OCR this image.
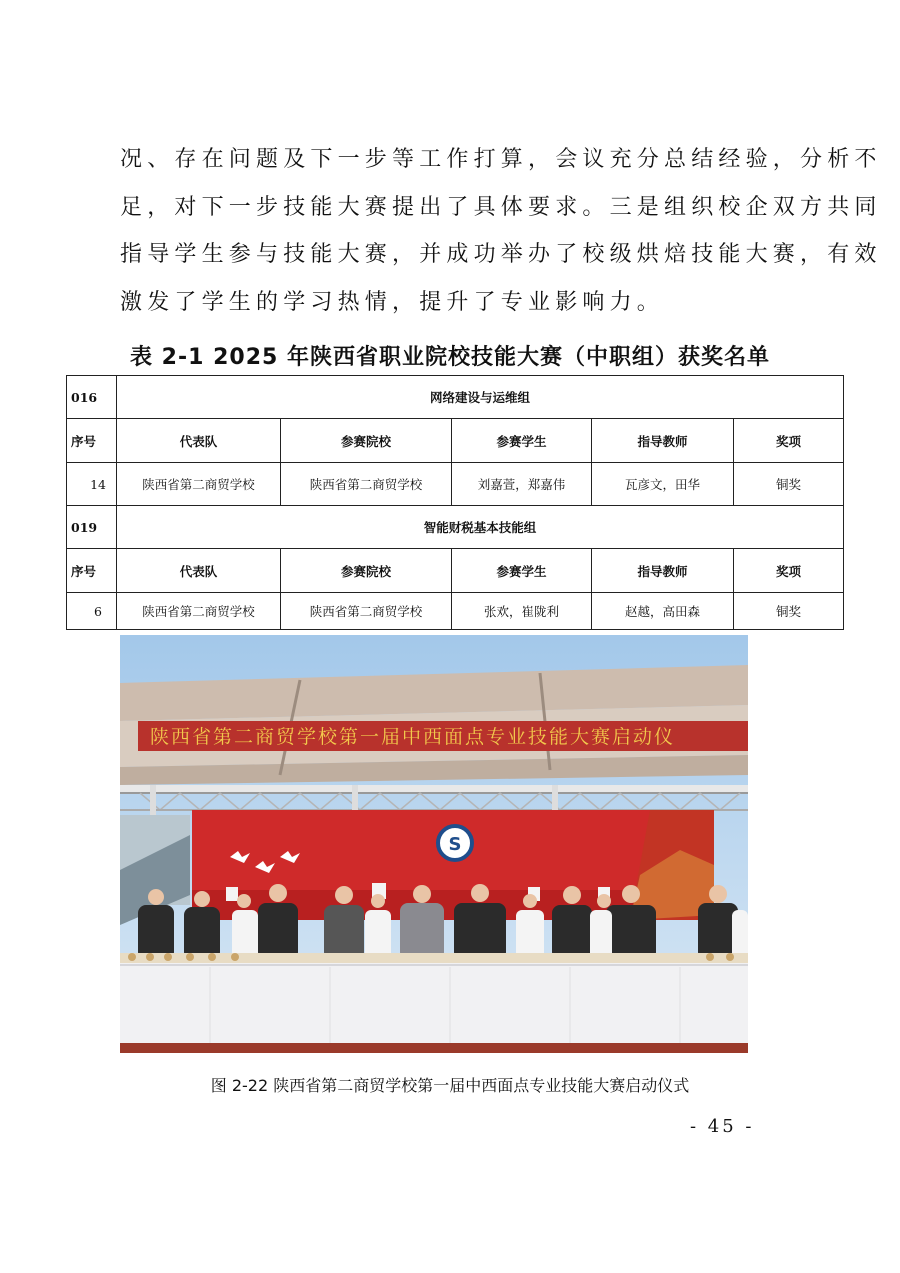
况、存在问题及下一步等工作打算，会议充分总结经验，分析不
足，对下一步技能大赛提出了具体要求。三是组织校企双方共同
指导学生参与技能大赛，并成功举办了校级烘焙技能大赛，有效
激发了学生的学习热情，提升了专业影响力。
表 2-1 2025 年陕西省职业院校技能大赛（中职组）获奖名单
016	网络建设与运维组				
序号	代表队	参赛院校	参赛学生	指导教师	奖项
14	陕西省第二商贸学校	陕西省第二商贸学校	刘嘉萱，郑嘉伟	瓦彦文，田华	铜奖
019	智能财税基本技能组				
序号	代表队	参赛院校	参赛学生	指导教师	奖项
6	陕西省第二商贸学校	陕西省第二商贸学校	张欢，崔陇利	赵越，高田森	铜奖
陕西省第二商贸学校第一届中西面点专业技能大赛启动仪
S
图 2-22 陕西省第二商贸学校第一届中西面点专业技能大赛启动仪式
- 45 -
